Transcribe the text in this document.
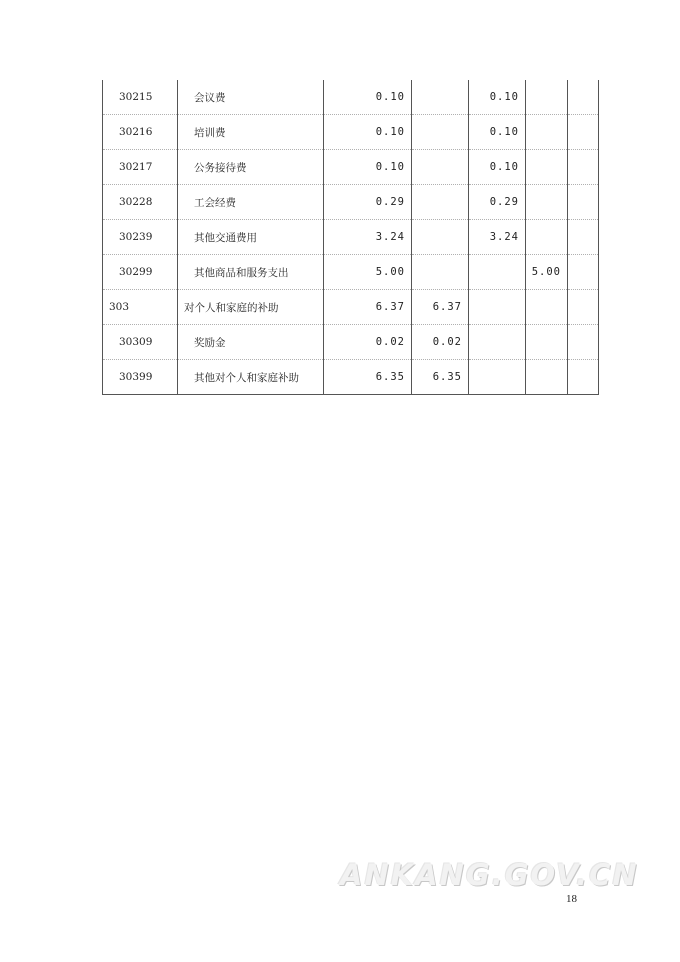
30215	会议费	0.10		0.10		
30216	培训费	0.10		0.10		
30217	公务接待费	0.10		0.10		
30228	工会经费	0.29		0.29		
30239	其他交通费用	3.24		3.24		
30299	其他商品和服务支出	5.00			5.00	
303	对个人和家庭的补助	6.37	6.37			
30309	奖励金	0.02	0.02			
30399	其他对个人和家庭补助	6.35	6.35			
ANKANG.GOV.CN
18
